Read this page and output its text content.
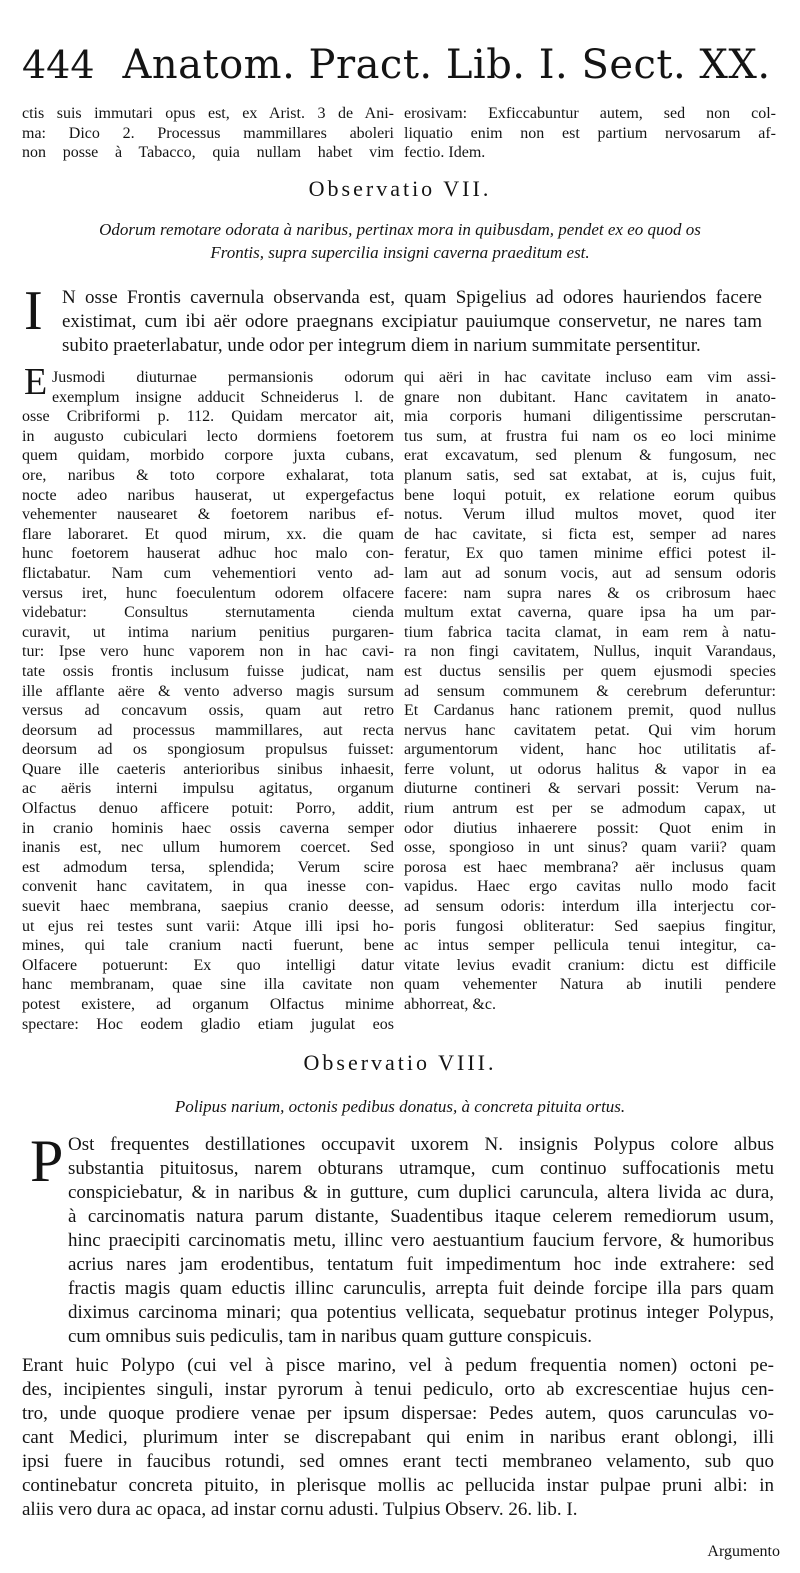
444 Anatom. Pract. Lib. I. Sect. XX.
ctis suis immutari opus est, ex Arist. 3 de Ani-
ma: Dico 2. Processus mammillares aboleri
non posse à Tabacco, quia nullam habet vim
erosivam: Exficcabuntur autem, sed non col-
liquatio enim non est partium nervosarum af-
fectio. Idem.
Observatio VII.
Odorum remotare odorata à naribus, pertinax mora in quibusdam, pendet ex eo quod os
Frontis, supra supercilia insigni caverna praeditum est.
I N osse Frontis cavernula observanda est, quam Spigelius ad odores hauriendos facere
existimat, cum ibi aër odore praegnans excipiatur pauiumque conservetur, ne nares tam
subito praeterlabatur, unde odor per integrum diem in narium summitate persentitur.
E Jusmodi diuturnae permansionis odorum
exemplum insigne adducit Schneiderus l. de
osse Cribriformi p. 112. Quidam mercator ait,
in augusto cubiculari lecto dormiens foetorem
quem quidam, morbido corpore juxta cubans,
ore, naribus & toto corpore exhalarat, tota
nocte adeo naribus hauserat, ut expergefactus
vehementer nausearet & foetorem naribus ef-
flare laboraret. Et quod mirum, xx. die quam
hunc foetorem hauserat adhuc hoc malo con-
flictabatur. Nam cum vehementiori vento ad-
versus iret, hunc foeculentum odorem olfacere
videbatur: Consultus sternutamenta cienda
curavit, ut intima narium penitius purgaren-
tur: Ipse vero hunc vaporem non in hac cavi-
tate ossis frontis inclusum fuisse judicat, nam
ille afflante aëre & vento adverso magis sursum
versus ad concavum ossis, quam aut retro
deorsum ad processus mammillares, aut recta
deorsum ad os spongiosum propulsus fuisset:
Quare ille caeteris anterioribus sinibus inhaesit,
ac aëris interni impulsu agitatus, organum
Olfactus denuo afficere potuit: Porro, addit,
in cranio hominis haec ossis caverna semper
inanis est, nec ullum humorem coercet. Sed
est admodum tersa, splendida; Verum scire
convenit hanc cavitatem, in qua inesse con-
suevit haec membrana, saepius cranio deesse,
ut ejus rei testes sunt varii: Atque illi ipsi ho-
mines, qui tale cranium nacti fuerunt, bene
Olfacere potuerunt: Ex quo intelligi datur
hanc membranam, quae sine illa cavitate non
potest existere, ad organum Olfactus minime
spectare: Hoc eodem gladio etiam jugulat eos
qui aëri in hac cavitate incluso eam vim assi-
gnare non dubitant. Hanc cavitatem in anato-
mia corporis humani diligentissime perscrutan-
tus sum, at frustra fui nam os eo loci minime
erat excavatum, sed plenum & fungosum, nec
planum satis, sed sat extabat, at is, cujus fuit,
bene loqui potuit, ex relatione eorum quibus
notus. Verum illud multos movet, quod iter
de hac cavitate, si ficta est, semper ad nares
feratur, Ex quo tamen minime effici potest il-
lam aut ad sonum vocis, aut ad sensum odoris
facere: nam supra nares & os cribrosum haec
multum extat caverna, quare ipsa ha um par-
tium fabrica tacita clamat, in eam rem à natu-
ra non fingi cavitatem, Nullus, inquit Varandaus,
est ductus sensilis per quem ejusmodi species
ad sensum communem & cerebrum deferuntur:
Et Cardanus hanc rationem premit, quod nullus
nervus hanc cavitatem petat. Qui vim horum
argumentorum vident, hanc hoc utilitatis af-
ferre volunt, ut odorus halitus & vapor in ea
diuturne contineri & servari possit: Verum na-
rium antrum est per se admodum capax, ut
odor diutius inhaerere possit: Quot enim in
osse, spongioso in unt sinus? quam varii? quam
porosa est haec membrana? aër inclusus quam
vapidus. Haec ergo cavitas nullo modo facit
ad sensum odoris: interdum illa interjectu cor-
poris fungosi obliteratur: Sed saepius fingitur,
ac intus semper pellicula tenui integitur, ca-
vitate levius evadit cranium: dictu est difficile
quam vehementer Natura ab inutili pendere
abhorreat, &c.
Observatio VIII.
Polipus narium, octonis pedibus donatus, à concreta pituita ortus.
P Ost frequentes destillationes occupavit uxorem N. insignis Polypus colore albus
substantia pituitosus, narem obturans utramque, cum continuo suffocationis metu
conspiciebatur, & in naribus & in gutture, cum duplici caruncula, altera livida ac dura,
à carcinomatis natura parum distante, Suadentibus itaque celerem remediorum usum,
hinc praecipiti carcinomatis metu, illinc vero aestuantium faucium fervore, & humoribus
acrius nares jam erodentibus, tentatum fuit impedimentum hoc inde extrahere: sed
fractis magis quam eductis illinc carunculis, arrepta fuit deinde forcipe illa pars quam
diximus carcinoma minari; qua potentius vellicata, sequebatur protinus integer Polypus,
cum omnibus suis pediculis, tam in naribus quam gutture conspicuis.
Erant huic Polypo (cui vel à pisce marino, vel à pedum frequentia nomen) octoni pe-
des, incipientes singuli, instar pyrorum à tenui pediculo, orto ab excrescentiae hujus cen-
tro, unde quoque prodiere venae per ipsum dispersae: Pedes autem, quos carunculas vo-
cant Medici, plurimum inter se discrepabant qui enim in naribus erant oblongi, illi
ipsi fuere in faucibus rotundi, sed omnes erant tecti membraneo velamento, sub quo
continebatur concreta pituito, in plerisque mollis ac pellucida instar pulpae pruni albi: in
aliis vero dura ac opaca, ad instar cornu adusti. Tulpius Observ. 26. lib. I.
Argumento
